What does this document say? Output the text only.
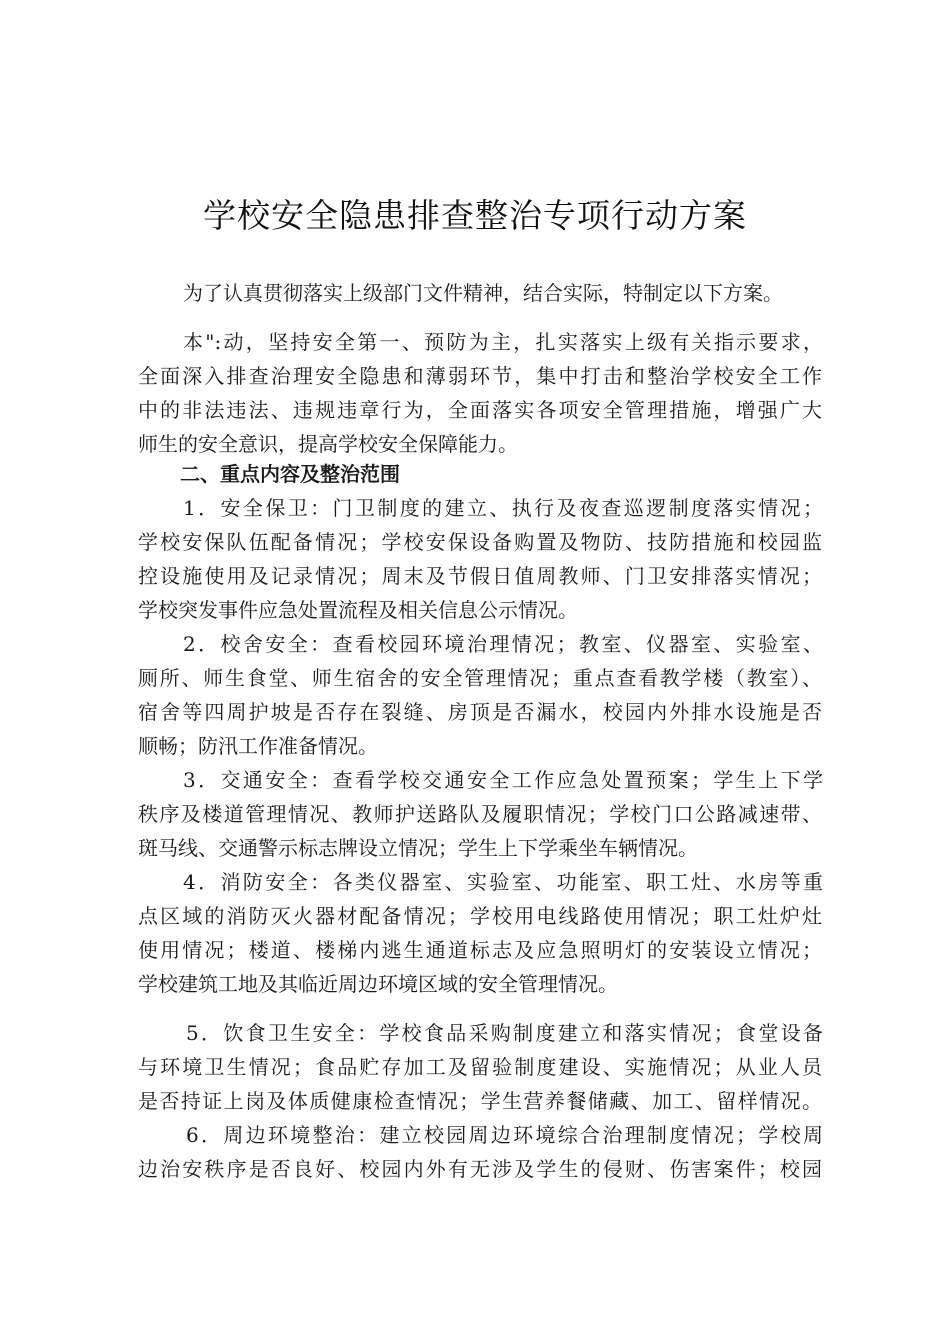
学校安全隐患排查整治专项行动方案
为了认真贯彻落实上级部门文件精神，结合实际，特制定以下方案。
本":动，坚持安全第一、预防为主，扎实落实上级有关指示要求，
全面深入排查治理安全隐患和薄弱环节，集中打击和整治学校安全工作
中的非法违法、违规违章行为，全面落实各项安全管理措施，增强广大
师生的安全意识，提高学校安全保障能力。
二、重点内容及整治范围
1．安全保卫：门卫制度的建立、执行及夜查巡逻制度落实情况；
学校安保队伍配备情况；学校安保设备购置及物防、技防措施和校园监
控设施使用及记录情况；周末及节假日值周教师、门卫安排落实情况；
学校突发事件应急处置流程及相关信息公示情况。
2．校舍安全：查看校园环境治理情况；教室、仪器室、实验室、
厕所、师生食堂、师生宿舍的安全管理情况；重点查看教学楼（教室）、
宿舍等四周护坡是否存在裂缝、房顶是否漏水，校园内外排水设施是否
顺畅；防汛工作准备情况。
3．交通安全：查看学校交通安全工作应急处置预案；学生上下学
秩序及楼道管理情况、教师护送路队及履职情况；学校门口公路减速带、
斑马线、交通警示标志牌设立情况；学生上下学乘坐车辆情况。
4．消防安全：各类仪器室、实验室、功能室、职工灶、水房等重
点区域的消防灭火器材配备情况；学校用电线路使用情况；职工灶炉灶
使用情况；楼道、楼梯内逃生通道标志及应急照明灯的安装设立情况；
学校建筑工地及其临近周边环境区域的安全管理情况。
5．饮食卫生安全：学校食品采购制度建立和落实情况；食堂设备
与环境卫生情况；食品贮存加工及留验制度建设、实施情况；从业人员
是否持证上岗及体质健康检查情况；学生营养餐储藏、加工、留样情况。
6．周边环境整治：建立校园周边环境综合治理制度情况；学校周
边治安秩序是否良好、校园内外有无涉及学生的侵财、伤害案件；校园
